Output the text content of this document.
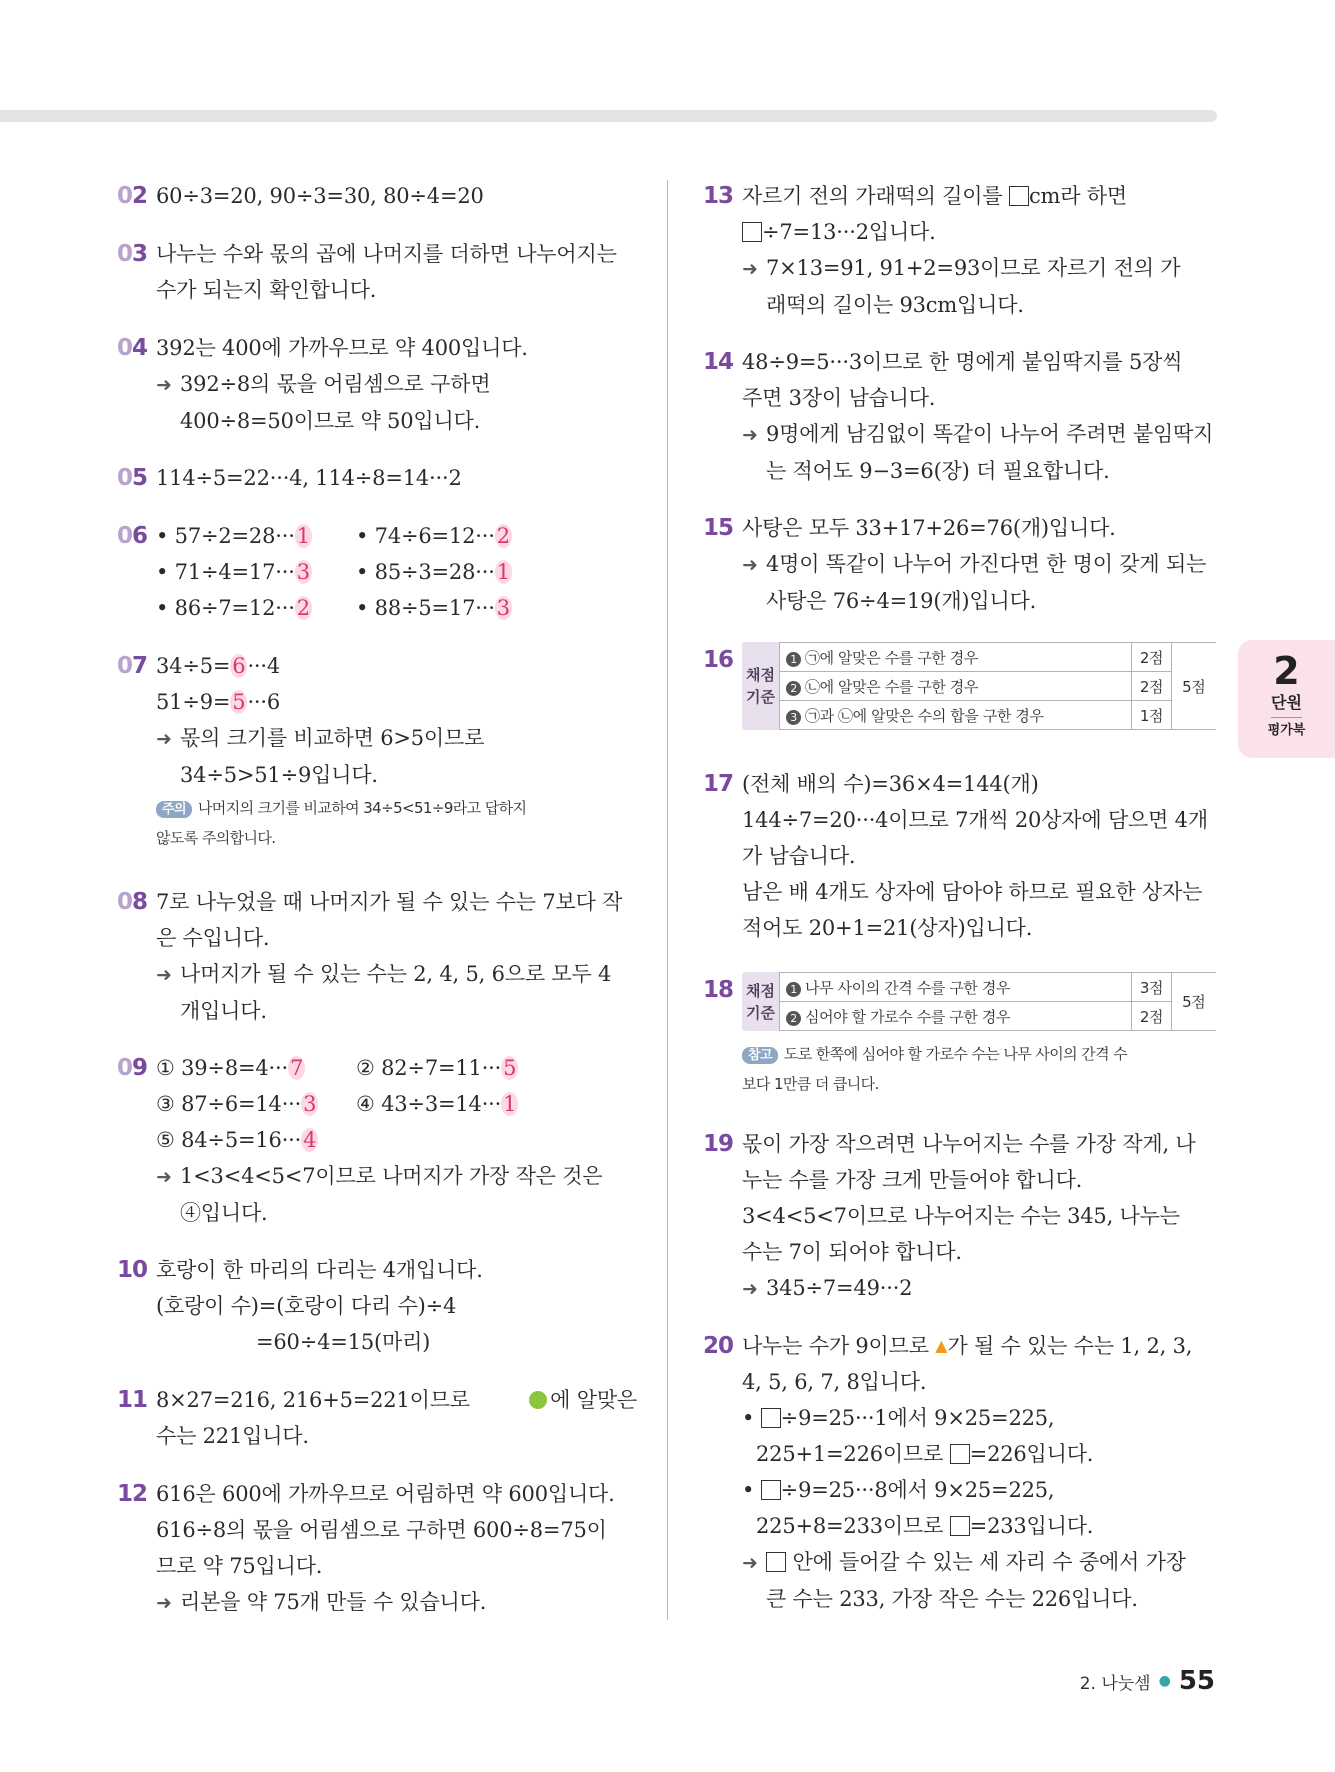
02 60÷3=20, 90÷3=30, 80÷4=20
03 나누는 수와 몫의 곱에 나머지를 더하면 나누어지는
수가 되는지 확인합니다.
04 392는 400에 가까우므로 약 400입니다.
➜ 392÷8의 몫을 어림셈으로 구하면
400÷8=50이므로 약 50입니다.
05 114÷5=22···4, 114÷8=14···2
06 • 57÷2=28···1	• 74÷6=12···2
• 71÷4=17···3	• 85÷3=28···1
• 86÷7=12···2	• 88÷5=17···3
07 34÷5=6···4
51÷9=5···6
➜ 몫의 크기를 비교하면 6>5이므로
34÷5>51÷9입니다.
주의 나머지의 크기를 비교하여 34÷5<51÷9라고 답하지
않도록 주의합니다.
08 7로 나누었을 때 나머지가 될 수 있는 수는 7보다 작
은 수입니다.
➜ 나머지가 될 수 있는 수는 2, 4, 5, 6으로 모두 4
개입니다.
09 ① 39÷8=4···7	② 82÷7=11···5
③ 87÷6=14···3	④ 43÷3=14···1
⑤ 84÷5=16···4
➜ 1<3<4<5<7이므로 나머지가 가장 작은 것은
④입니다.
10 호랑이 한 마리의 다리는 4개입니다.
(호랑이 수)=(호랑이 다리 수)÷4
=60÷4=15(마리)
11 8×27=216, 216+5=221이므로	에 알맞은
수는 221입니다.
12 616은 600에 가까우므로 어림하면 약 600입니다.
616÷8의 몫을 어림셈으로 구하면 600÷8=75이
므로 약 75입니다.
➜ 리본을 약 75개 만들 수 있습니다.
13 자르기 전의 가래떡의 길이를 cm라 하면
÷7=13···2입니다.
➜ 7×13=91, 91+2=93이므로 자르기 전의 가
래떡의 길이는 93cm입니다.
14 48÷9=5···3이므로 한 명에게 붙임딱지를 5장씩
주면 3장이 남습니다.
➜ 9명에게 남김없이 똑같이 나누어 주려면 붙임딱지
는 적어도 9−3=6(장) 더 필요합니다.
15 사탕은 모두 33+17+26=76(개)입니다.
➜ 4명이 똑같이 나누어 가진다면 한 명이 갖게 되는
사탕은 76÷4=19(개)입니다.
16
채점
기준
1 ㉠에 알맞은 수를 구한 경우	2점	5점
2 ㉡에 알맞은 수를 구한 경우	2점	
3 ㉠과 ㉡에 알맞은 수의 합을 구한 경우	1점	
17 (전체 배의 수)=36×4=144(개)
144÷7=20···4이므로 7개씩 20상자에 담으면 4개
가 남습니다.
남은 배 4개도 상자에 담아야 하므로 필요한 상자는
적어도 20+1=21(상자)입니다.
18 채점
기준
1 나무 사이의 간격 수를 구한 경우	3점	5점
2 심어야 할 가로수 수를 구한 경우	2점	
참고 도로 한쪽에 심어야 할 가로수 수는 나무 사이의 간격 수
보다 1만큼 더 큽니다.
19 몫이 가장 작으려면 나누어지는 수를 가장 작게, 나
누는 수를 가장 크게 만들어야 합니다.
3<4<5<7이므로 나누어지는 수는 345, 나누는
수는 7이 되어야 합니다.
➜ 345÷7=49···2
20 나누는 수가 9이므로 ▲가 될 수 있는 수는 1, 2, 3,
4, 5, 6, 7, 8입니다.
• ÷9=25···1에서 9×25=225,
225+1=226이므로 =226입니다.
• ÷9=25···8에서 9×25=225,
225+8=233이므로 =233입니다.
➜ 안에 들어갈 수 있는 세 자리 수 중에서 가장
큰 수는 233, 가장 작은 수는 226입니다.
2
단원
평가북
2. 나눗셈 ● 55
